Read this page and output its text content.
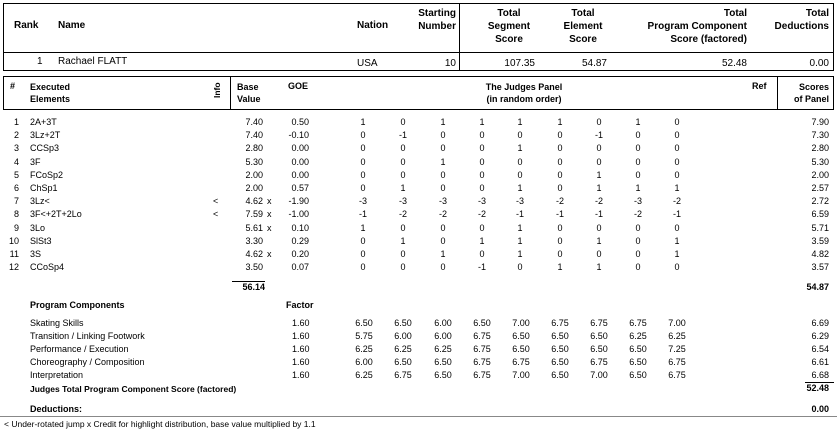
Rank Name	Nation
Starting
Number
Total
Segment
Score
Total
Element
Score
Total
Program Component
Score (factored)
Total
Deductions
1 Rachael FLATT	USA	10	107.35	54.87	52.48	0.00
# Executed
Elements
Info Base
Value
GOE	The Judges Panel
(in random order)
Ref	Scores
of Panel
1 2A+3T	7.40	0.50	1	0	1	1	1	1	0	1	0	7.90
2 3Lz+2T	7.40	-0.10	0	-1	0	0	0	0	-1	0	0	7.30
3 CCSp3	2.80	0.00	0	0	0	0	1	0	0	0	0	2.80
4 3F	5.30	0.00	0	0	1	0	0	0	0	0	0	5.30
5 FCoSp2	2.00	0.00	0	0	0	0	0	0	1	0	0	2.00
6 ChSp1	2.00	0.57	0	1	0	0	1	0	1	1	1	2.57
7 3Lz<	<	4.62 x -1.90	-3	-3	-3	-3	-3	-2	-2	-3	-2	2.72
8 3F<+2T+2Lo	<	7.59 x -1.00	-1	-2	-2	-2	-1	-1	-1	-2	-1	6.59
9 3Lo	5.61 x 0.10	1	0	0	0	1	0	0	0	0	5.71
10 SlSt3	3.30	0.29	0	1	0	1	1	0	1	0	1	3.59
11 3S	4.62 x 0.20	0	0	1	0	1	0	0	0	1	4.82
12 CCoSp4	3.50	0.07	0	0	0	-1	0	1	1	0	0	3.57
56.14	54.87
Program Components	Factor
Skating Skills	1.60	6.50	6.50	6.00	6.50	7.00	6.75	6.75	6.75	7.00	6.69
Transition / Linking Footwork	1.60	5.75	6.00	6.00	6.75	6.50	6.50	6.50	6.25	6.25	6.29
Performance / Execution	1.60	6.25	6.25	6.25	6.75	6.50	6.50	6.50	6.50	7.25	6.54
Choreography / Composition	1.60	6.00	6.50	6.50	6.75	6.75	6.50	6.75	6.50	6.75	6.61
Interpretation	1.60	6.25	6.75	6.50	6.75	7.00	6.50	7.00	6.50	6.75	6.68
Judges Total Program Component Score (factored)	52.48
Deductions:	0.00
< Under-rotated jump x Credit for highlight distribution, base value multiplied by 1.1
